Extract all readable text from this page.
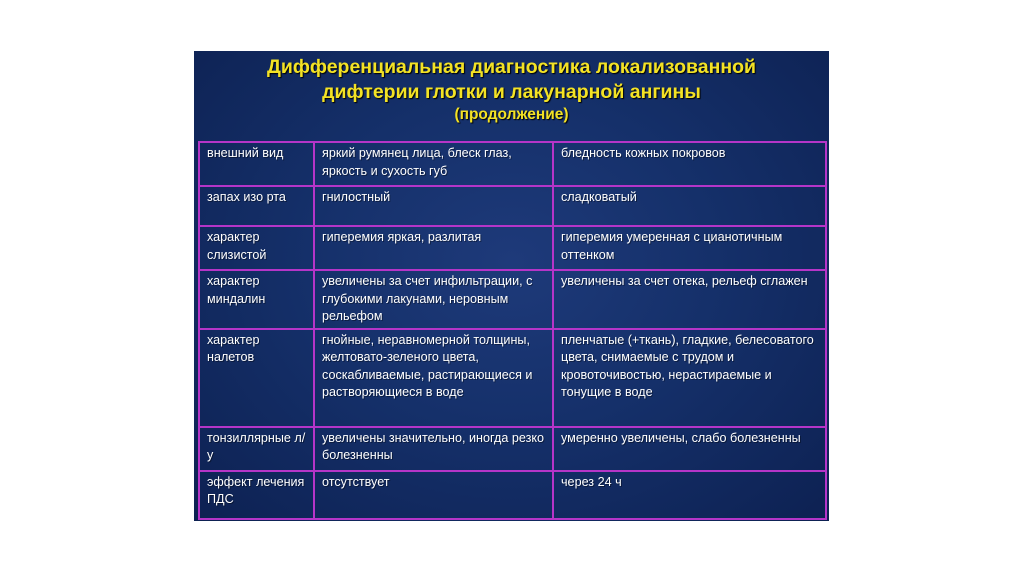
Дифференциальная диагностика локализованной
дифтерии глотки и лакунарной ангины
(продолжение)
внешний вид	яркий румянец лица, блеск глаз, яркость и сухость губ	бледность кожных покровов
запах изо рта	гнилостный	сладковатый
характер слизистой	гиперемия яркая, разлитая	гиперемия умеренная с цианотичным оттенком
характер миндалин	увеличены за счет инфильтрации, с глубокими лакунами, неровным рельефом	увеличены за счет отека, рельеф сглажен
характер налетов	гнойные, неравномерной толщины, желтовато-зеленого цвета, соскабливаемые, растирающиеся и растворяющиеся в воде	пленчатые (+ткань), гладкие, белесоватого цвета, снимаемые с трудом и кровоточивостью, нерастираемые и тонущие в воде
тонзиллярные л/у	увеличены значительно, иногда резко болезненны	умеренно увеличены, слабо болезненны
эффект лечения ПДС	отсутствует	через 24 ч
